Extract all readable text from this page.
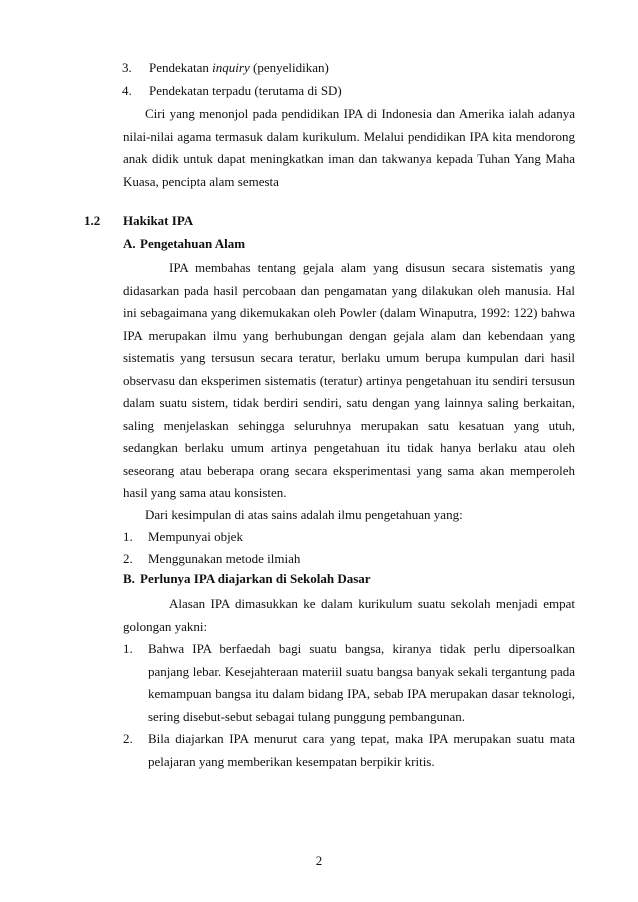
3. Pendekatan inquiry (penyelidikan)
4. Pendekatan terpadu (terutama di SD)
Ciri yang menonjol pada pendidikan IPA di Indonesia dan Amerika ialah adanya nilai-nilai agama termasuk dalam kurikulum. Melalui pendidikan IPA kita mendorong anak didik untuk dapat meningkatkan iman dan takwanya kepada Tuhan Yang Maha Kuasa, pencipta alam semesta
1.2 Hakikat IPA
A. Pengetahuan Alam
IPA membahas tentang gejala alam yang disusun secara sistematis yang didasarkan pada hasil percobaan dan pengamatan yang dilakukan oleh manusia. Hal ini sebagaimana yang dikemukakan oleh Powler (dalam Winaputra, 1992: 122) bahwa IPA merupakan ilmu yang berhubungan dengan gejala alam dan kebendaan yang sistematis yang tersusun secara teratur, berlaku umum berupa kumpulan dari hasil observasu dan eksperimen sistematis (teratur) artinya pengetahuan itu sendiri tersusun dalam suatu sistem, tidak berdiri sendiri, satu dengan yang lainnya saling berkaitan, saling menjelaskan sehingga seluruhnya merupakan satu kesatuan yang utuh, sedangkan berlaku umum artinya pengetahuan itu tidak hanya berlaku atau oleh seseorang atau beberapa orang secara eksperimentasi yang sama akan memperoleh hasil yang sama atau konsisten.
Dari kesimpulan di atas sains adalah ilmu pengetahuan yang:
1. Mempunyai objek
2. Menggunakan metode ilmiah
B. Perlunya IPA diajarkan di Sekolah Dasar
Alasan IPA dimasukkan ke dalam kurikulum suatu sekolah menjadi empat golongan yakni:
1. Bahwa IPA berfaedah bagi suatu bangsa, kiranya tidak perlu dipersoalkan panjang lebar. Kesejahteraan materiil suatu bangsa banyak sekali tergantung pada kemampuan bangsa itu dalam bidang IPA, sebab IPA merupakan dasar teknologi, sering disebut-sebut sebagai tulang punggung pembangunan.
2. Bila diajarkan IPA menurut cara yang tepat, maka IPA merupakan suatu mata pelajaran yang memberikan kesempatan berpikir kritis.
2
